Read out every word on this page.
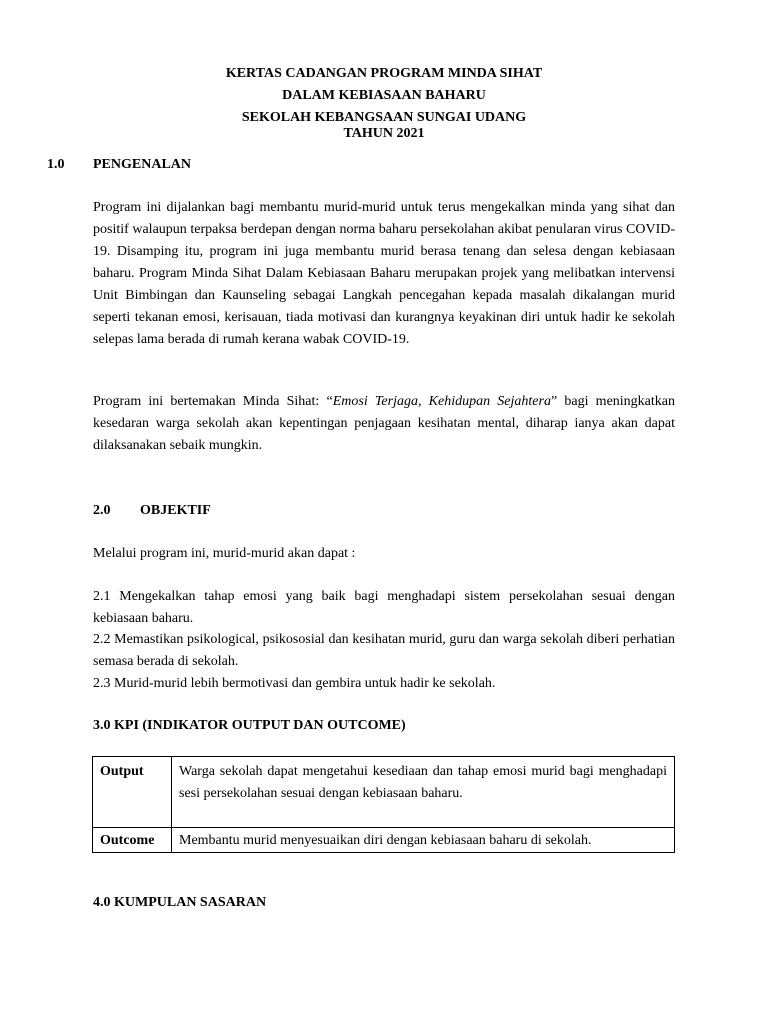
KERTAS CADANGAN PROGRAM MINDA SIHAT
DALAM KEBIASAAN BAHARU
SEKOLAH KEBANGSAAN SUNGAI UDANG
TAHUN 2021
1.0 PENGENALAN
Program ini dijalankan bagi membantu murid-murid untuk terus mengekalkan minda yang sihat dan positif walaupun terpaksa berdepan dengan norma baharu persekolahan akibat penularan virus COVID-19. Disamping itu, program ini juga membantu murid berasa tenang dan selesa dengan kebiasaan baharu. Program Minda Sihat Dalam Kebiasaan Baharu merupakan projek yang melibatkan intervensi Unit Bimbingan dan Kaunseling sebagai Langkah pencegahan kepada masalah dikalangan murid seperti tekanan emosi, kerisauan, tiada motivasi dan kurangnya keyakinan diri untuk hadir ke sekolah selepas lama berada di rumah kerana wabak COVID-19.
Program ini bertemakan Minda Sihat: “Emosi Terjaga, Kehidupan Sejahtera” bagi meningkatkan kesedaran warga sekolah akan kepentingan penjagaan kesihatan mental, diharap ianya akan dapat dilaksanakan sebaik mungkin.
2.0 OBJEKTIF
Melalui program ini, murid-murid akan dapat :
2.1 Mengekalkan tahap emosi yang baik bagi menghadapi sistem persekolahan sesuai dengan kebiasaan baharu.
2.2 Memastikan psikological, psikososial dan kesihatan murid, guru dan warga sekolah diberi perhatian semasa berada di sekolah.
2.3 Murid-murid lebih bermotivasi dan gembira untuk hadir ke sekolah.
3.0 KPI (INDIKATOR OUTPUT DAN OUTCOME)
Output	Warga sekolah dapat mengetahui kesediaan dan tahap emosi murid bagi menghadapi sesi persekolahan sesuai dengan kebiasaan baharu.
Outcome	Membantu murid menyesuaikan diri dengan kebiasaan baharu di sekolah.
4.0 KUMPULAN SASARAN
